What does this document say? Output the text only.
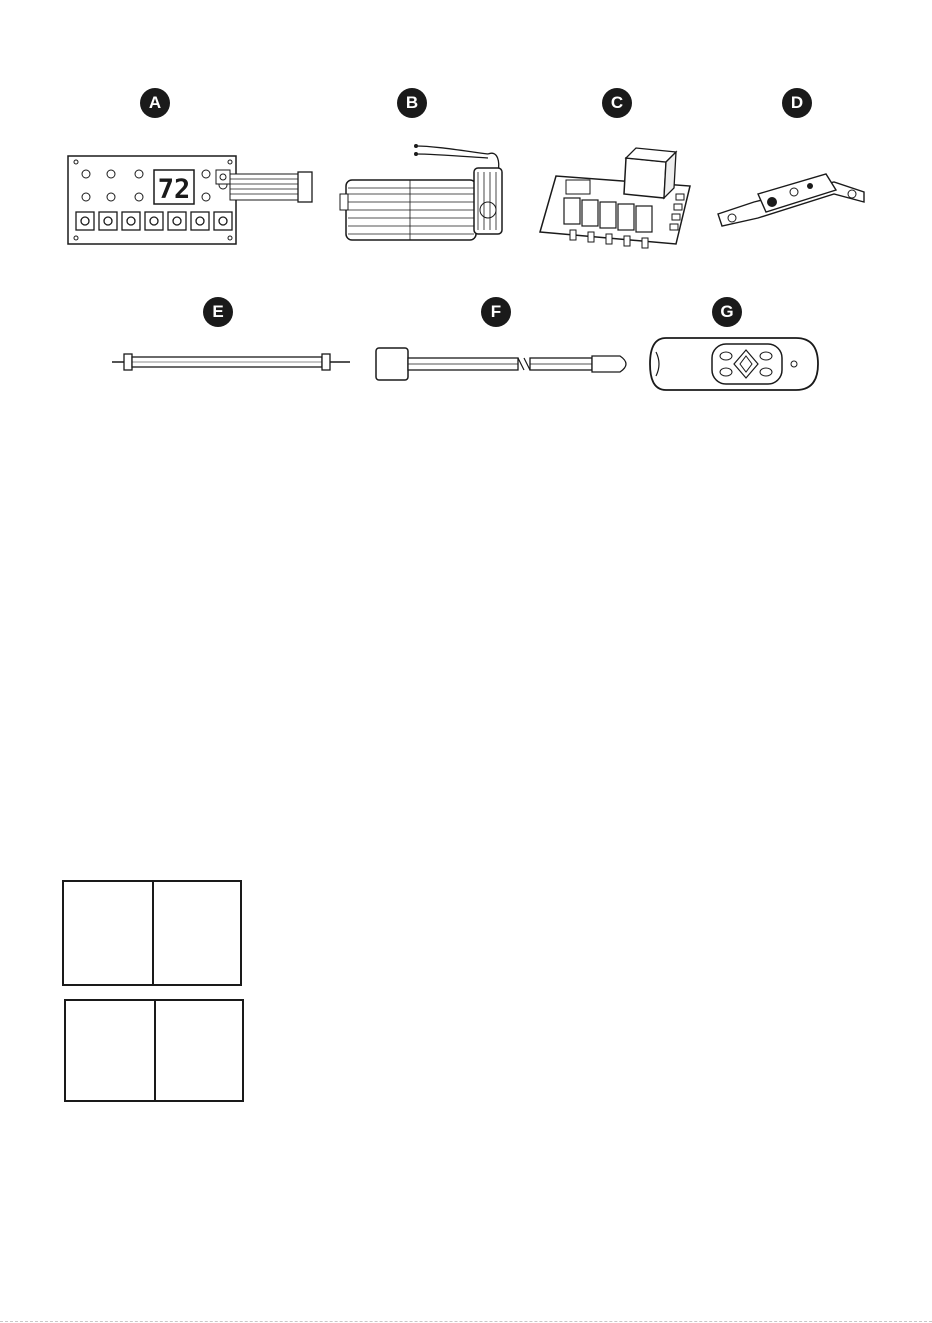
A	B	C	D
E	F	G
72
